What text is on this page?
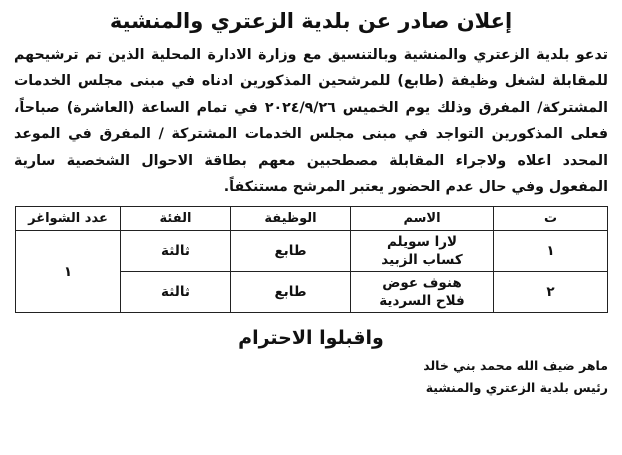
إعلان صادر عن بلدية الزعتري والمنشية

تدعو بلدية الزعتري والمنشية وبالتنسيق مع وزارة الادارة المحلية الذين تم ترشيحهم للمقابلة لشغل وظيفة (طابع) للمرشحين المذكورين ادناه في مبنى مجلس الخدمات المشتركة/ المفرق وذلك يوم الخميس ٢٠٢٤/٩/٢٦ في تمام الساعة (العاشرة) صباحاً، فعلى المذكورين التواجد في مبنى مجلس الخدمات المشتركة / المفرق في الموعد المحدد اعلاه ولاجراء المقابلة مصطحبين معهم بطاقة الاحوال الشخصية سارية المفعول وفي حال عدم الحضور يعتبر المرشح مستنكفاً.

ت	الاسم	الوظيفة	الفئة	عدد الشواغر
١	لارا سويلم
كساب الزبيد	طابع	ثالثة	١
٢	هنوف عوض
فلاح السردية	طابع	ثالثة	

واقبلوا الاحترام

ماهر ضيف الله محمد بني خالد
رئيس بلدية الزعتري والمنشية
